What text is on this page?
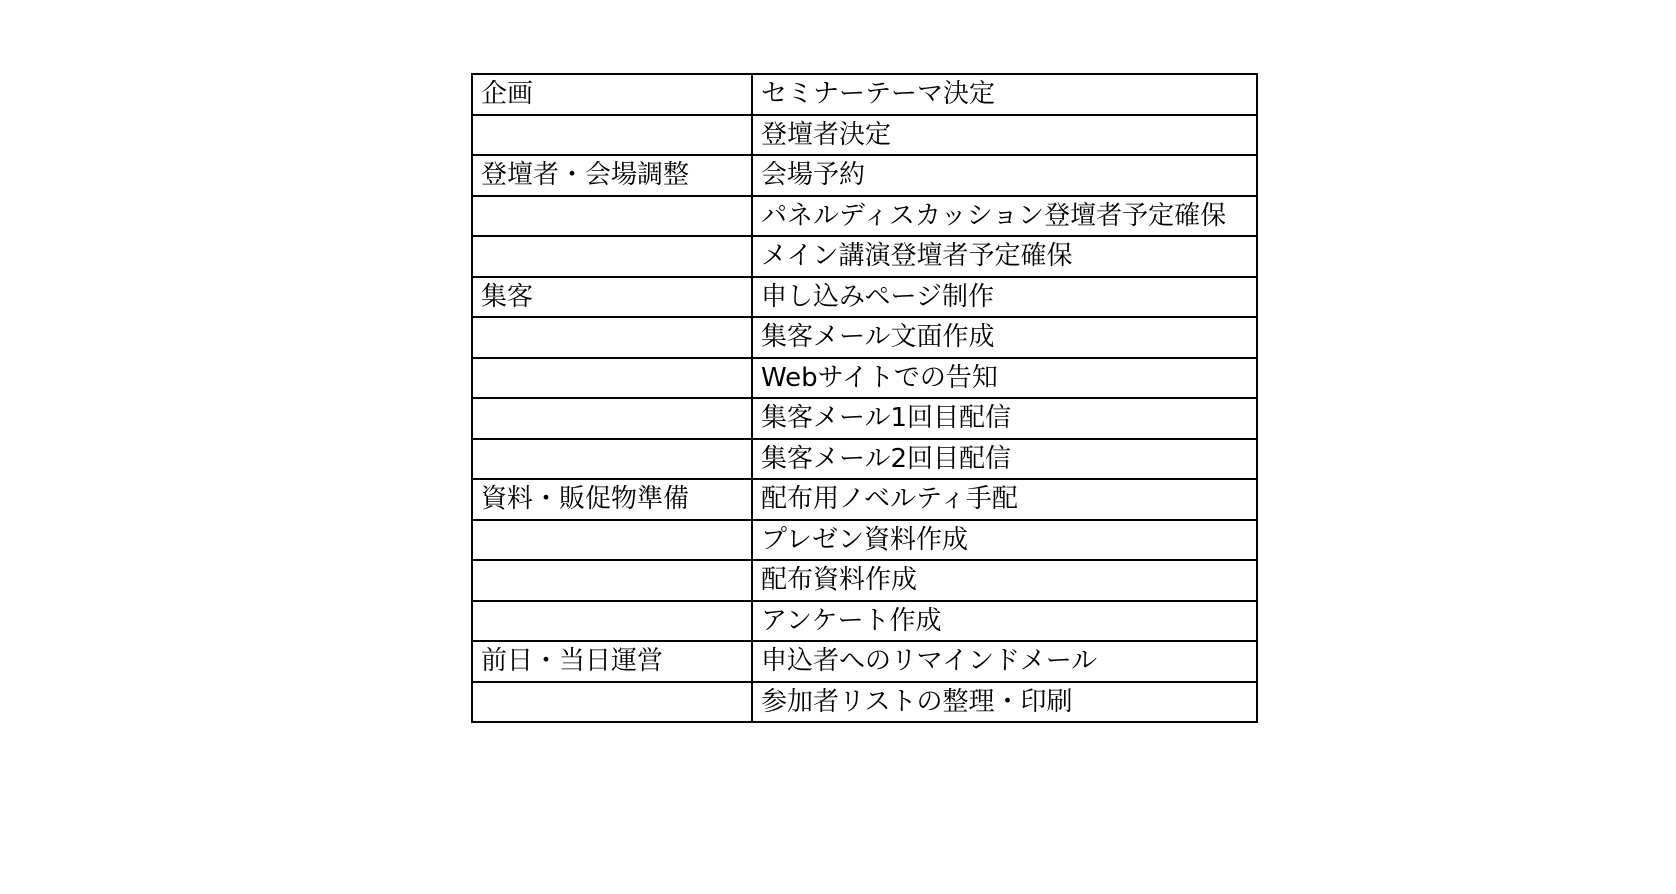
企画	セミナーテーマ決定
	登壇者決定
登壇者・会場調整	会場予約
	パネルディスカッション登壇者予定確保
	メイン講演登壇者予定確保
集客	申し込みページ制作
	集客メール文面作成
	Webサイトでの告知
	集客メール1回目配信
	集客メール2回目配信
資料・販促物準備	配布用ノベルティ手配
	プレゼン資料作成
	配布資料作成
	アンケート作成
前日・当日運営	申込者へのリマインドメール
	参加者リストの整理・印刷
